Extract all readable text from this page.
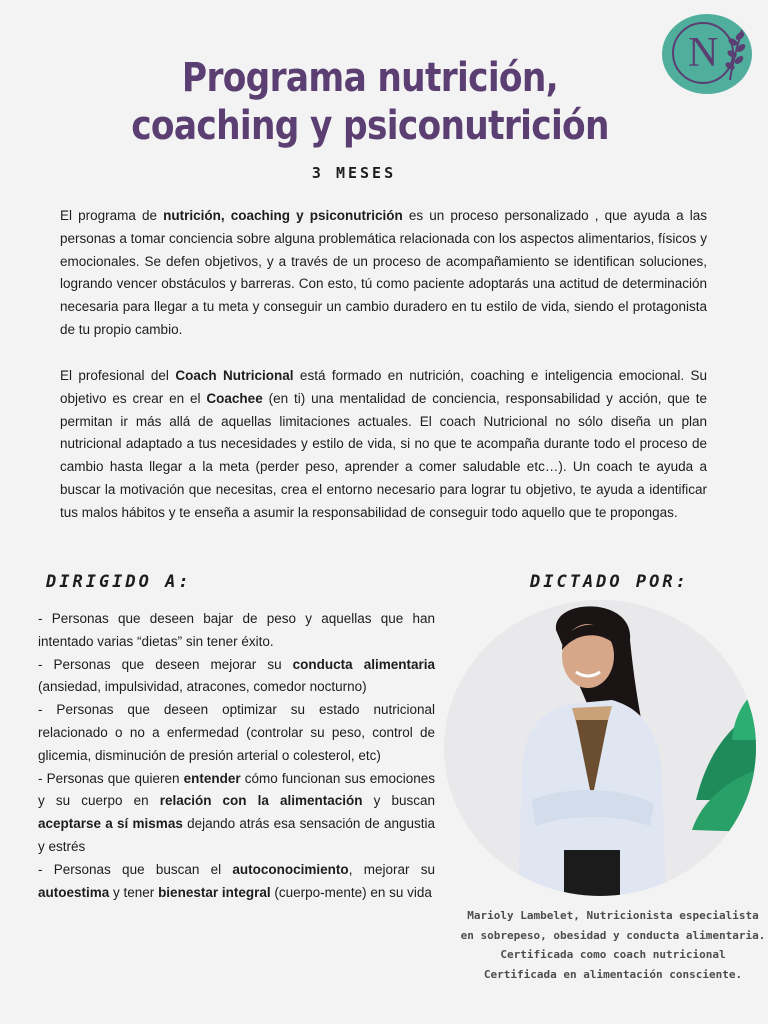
N
Programa nutrición,
coaching y psiconutrición
3 MESES

El programa de nutrición, coaching y psiconutrición es un proceso personalizado , que ayuda a las personas a tomar conciencia sobre alguna problemática relacionada con los aspectos alimentarios, físicos y emocionales. Se defen objetivos, y a través de un proceso de acompañamiento se identifican soluciones, logrando vencer obstáculos y barreras. Con esto, tú como paciente adoptarás una actitud de determinación necesaria para llegar a tu meta y conseguir un cambio duradero en tu estilo de vida, siendo el protagonista de tu propio cambio.

El profesional del Coach Nutricional está formado en nutrición, coaching e inteligencia emocional. Su objetivo es crear en el Coachee (en ti) una mentalidad de conciencia, responsabilidad y acción, que te permitan ir más allá de aquellas limitaciones actuales. El coach Nutricional no sólo diseña un plan nutricional adaptado a tus necesidades y estilo de vida, si no que te acompaña durante todo el proceso de cambio hasta llegar a la meta (perder peso, aprender a comer saludable etc…). Un coach te ayuda a buscar la motivación que necesitas, crea el entorno necesario para lograr tu objetivo, te ayuda a identificar tus malos hábitos y te enseña a asumir la responsabilidad de conseguir todo aquello que te propongas.

DIRIGIDO A:	DICTADO POR:
- Personas que deseen bajar de peso y aquellas que han intentado varias “dietas” sin tener éxito.
- Personas que deseen mejorar su conducta alimentaria (ansiedad, impulsividad, atracones, comedor nocturno)
- Personas que deseen optimizar su estado nutricional relacionado o no a enfermedad (controlar su peso, control de glicemia, disminución de presión arterial o colesterol, etc)
- Personas que quieren entender cómo funcionan sus emociones y su cuerpo en relación con la alimentación y buscan aceptarse a sí mismas dejando atrás esa sensación de angustia y estrés
- Personas que buscan el autoconocimiento, mejorar su autoestima y tener bienestar integral (cuerpo-mente) en su vida
Marioly Lambelet, Nutricionista especialista
en sobrepeso, obesidad y conducta alimentaria.
Certificada como coach nutricional
Certificada en alimentación consciente.
